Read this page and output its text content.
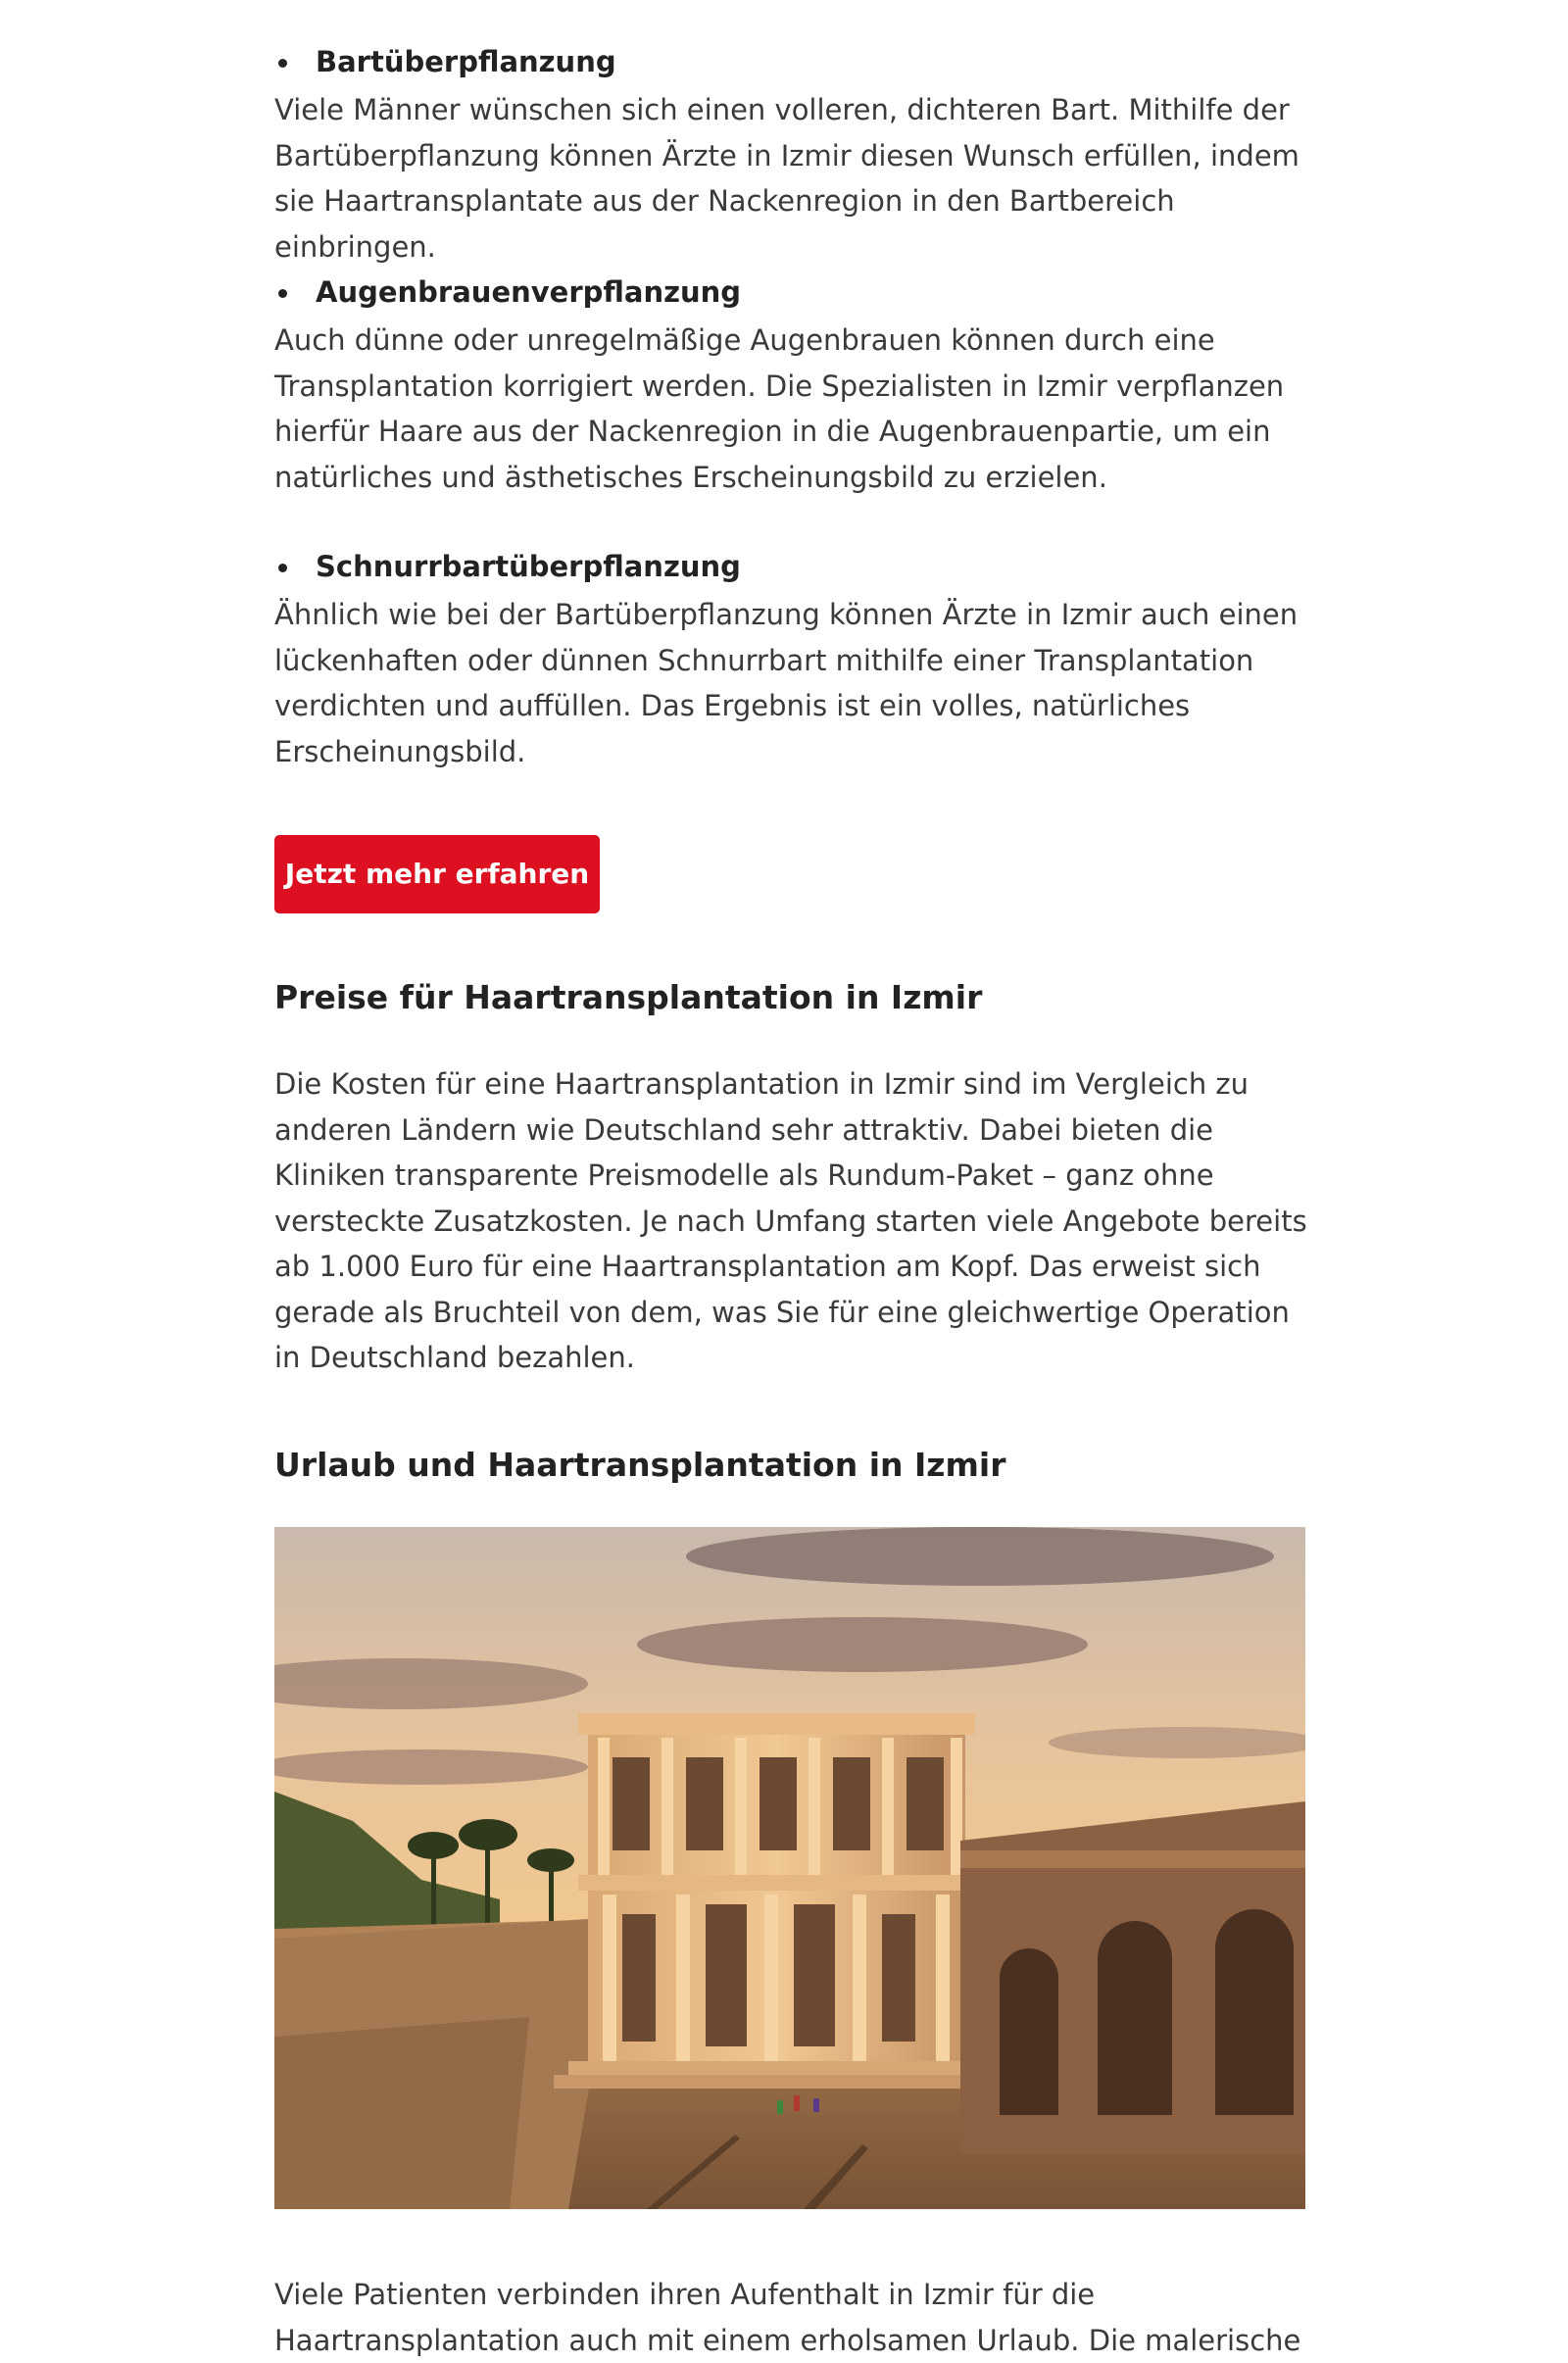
Bartüberpflanzung

Viele Männer wünschen sich einen volleren, dichteren Bart. Mithilfe der Bartüberpflanzung können Ärzte in Izmir diesen Wunsch erfüllen, indem sie Haartransplantate aus der Nackenregion in den Bartbereich einbringen.

Augenbrauenverpflanzung

Auch dünne oder unregelmäßige Augenbrauen können durch eine Transplantation korrigiert werden. Die Spezialisten in Izmir verpflanzen hierfür Haare aus der Nackenregion in die Augenbrauenpartie, um ein natürliches und ästhetisches Erscheinungsbild zu erzielen.

Schnurrbartüberpflanzung

Ähnlich wie bei der Bartüberpflanzung können Ärzte in Izmir auch einen lückenhaften oder dünnen Schnurrbart mithilfe einer Transplantation verdichten und auffüllen. Das Ergebnis ist ein volles, natürliches Erscheinungsbild.

Jetzt mehr erfahren
Preise für Haartransplantation in Izmir

Die Kosten für eine Haartransplantation in Izmir sind im Vergleich zu anderen Ländern wie Deutschland sehr attraktiv. Dabei bieten die Kliniken transparente Preismodelle als Rundum-Paket – ganz ohne versteckte Zusatzkosten. Je nach Umfang starten viele Angebote bereits ab 1.000 Euro für eine Haartransplantation am Kopf. Das erweist sich gerade als Bruchteil von dem, was Sie für eine gleichwertige Operation in Deutschland bezahlen.

Urlaub und Haartransplantation in Izmir

Viele Patienten verbinden ihren Aufenthalt in Izmir für die Haartransplantation auch mit einem erholsamen Urlaub. Die malerische
